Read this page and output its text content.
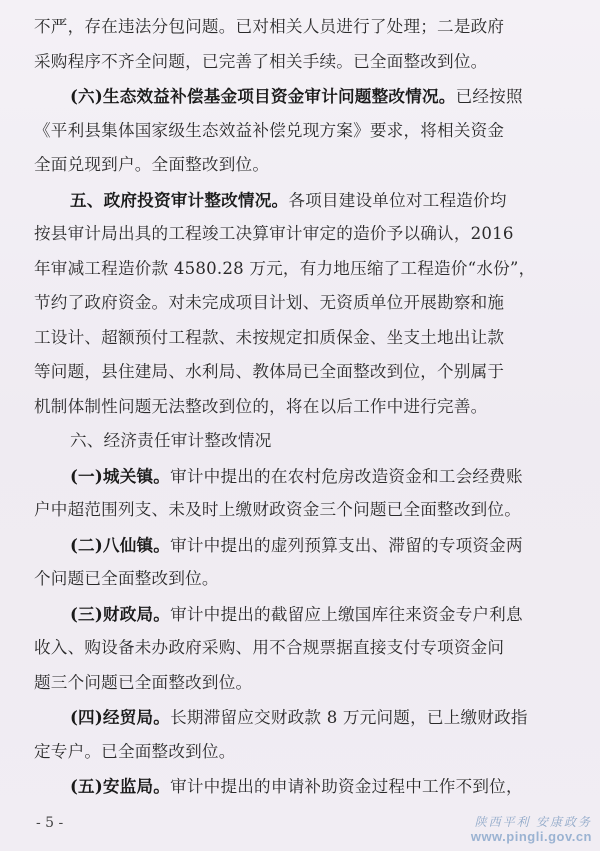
不严，存在违法分包问题。已对相关人员进行了处理；二是政府
采购程序不齐全问题，已完善了相关手续。已全面整改到位。
(六)生态效益补偿基金项目资金审计问题整改情况。已经按照
《平利县集体国家级生态效益补偿兑现方案》要求，将相关资金
全面兑现到户。全面整改到位。
五、政府投资审计整改情况。各项目建设单位对工程造价均
按县审计局出具的工程竣工决算审计审定的造价予以确认，2016
年审减工程造价款 4580.28 万元，有力地压缩了工程造价“水份”，
节约了政府资金。对未完成项目计划、无资质单位开展勘察和施
工设计、超额预付工程款、未按规定扣质保金、坐支土地出让款
等问题，县住建局、水利局、教体局已全面整改到位，个别属于
机制体制性问题无法整改到位的，将在以后工作中进行完善。
六、经济责任审计整改情况
(一)城关镇。审计中提出的在农村危房改造资金和工会经费账
户中超范围列支、未及时上缴财政资金三个问题已全面整改到位。
(二)八仙镇。审计中提出的虚列预算支出、滞留的专项资金两
个问题已全面整改到位。
(三)财政局。审计中提出的截留应上缴国库往来资金专户利息
收入、购设备未办政府采购、用不合规票据直接支付专项资金问
题三个问题已全面整改到位。
(四)经贸局。长期滞留应交财政款 8 万元问题，已上缴财政指
定专户。已全面整改到位。
(五)安监局。审计中提出的申请补助资金过程中工作不到位，
- 5 -	陕西平利 安康政务
www.pingli.gov.cn
